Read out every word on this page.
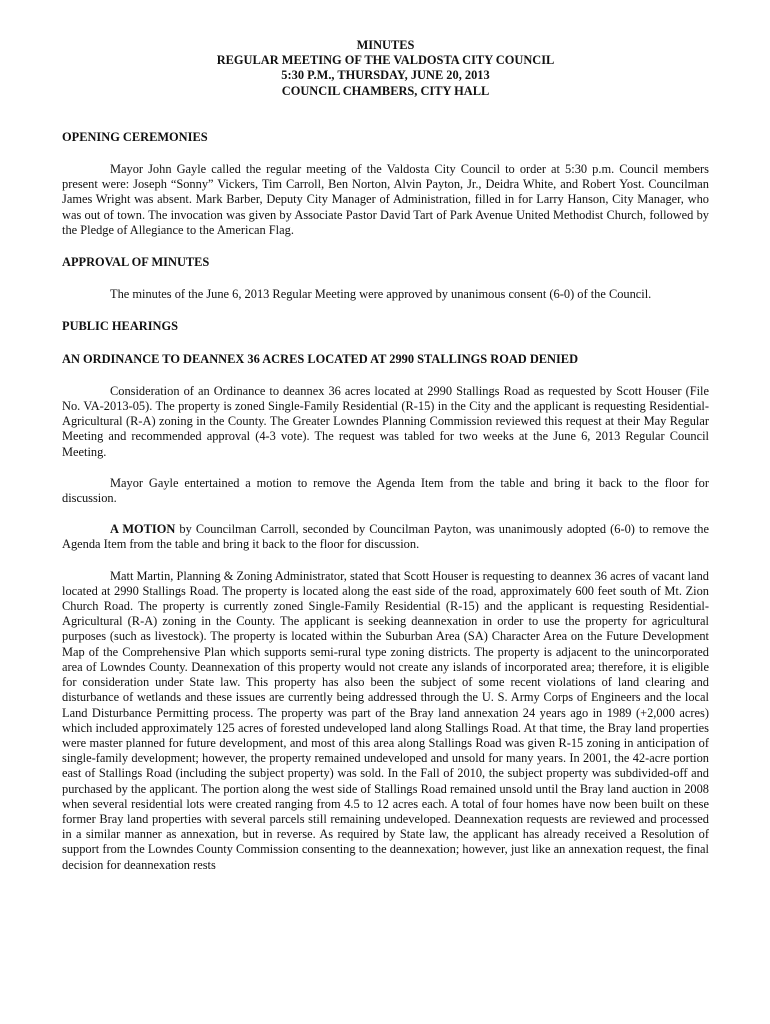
MINUTES
REGULAR MEETING OF THE VALDOSTA CITY COUNCIL
5:30 P.M., THURSDAY, JUNE 20, 2013
COUNCIL CHAMBERS, CITY HALL
OPENING CEREMONIES

Mayor John Gayle called the regular meeting of the Valdosta City Council to order at 5:30 p.m. Council members present were: Joseph “Sonny” Vickers, Tim Carroll, Ben Norton, Alvin Payton, Jr., Deidra White, and Robert Yost. Councilman James Wright was absent. Mark Barber, Deputy City Manager of Administration, filled in for Larry Hanson, City Manager, who was out of town. The invocation was given by Associate Pastor David Tart of Park Avenue United Methodist Church, followed by the Pledge of Allegiance to the American Flag.

APPROVAL OF MINUTES

The minutes of the June 6, 2013 Regular Meeting were approved by unanimous consent (6-0) of the Council.

PUBLIC HEARINGS
AN ORDINANCE TO DEANNEX 36 ACRES LOCATED AT 2990 STALLINGS ROAD DENIED

Consideration of an Ordinance to deannex 36 acres located at 2990 Stallings Road as requested by Scott Houser (File No. VA-2013-05). The property is zoned Single-Family Residential (R-15) in the City and the applicant is requesting Residential-Agricultural (R-A) zoning in the County. The Greater Lowndes Planning Commission reviewed this request at their May Regular Meeting and recommended approval (4-3 vote). The request was tabled for two weeks at the June 6, 2013 Regular Council Meeting.

Mayor Gayle entertained a motion to remove the Agenda Item from the table and bring it back to the floor for discussion.

A MOTION by Councilman Carroll, seconded by Councilman Payton, was unanimously adopted (6-0) to remove the Agenda Item from the table and bring it back to the floor for discussion.

Matt Martin, Planning & Zoning Administrator, stated that Scott Houser is requesting to deannex 36 acres of vacant land located at 2990 Stallings Road. The property is located along the east side of the road, approximately 600 feet south of Mt. Zion Church Road. The property is currently zoned Single-Family Residential (R-15) and the applicant is requesting Residential-Agricultural (R-A) zoning in the County. The applicant is seeking deannexation in order to use the property for agricultural purposes (such as livestock). The property is located within the Suburban Area (SA) Character Area on the Future Development Map of the Comprehensive Plan which supports semi-rural type zoning districts. The property is adjacent to the unincorporated area of Lowndes County. Deannexation of this property would not create any islands of incorporated area; therefore, it is eligible for consideration under State law. This property has also been the subject of some recent violations of land clearing and disturbance of wetlands and these issues are currently being addressed through the U. S. Army Corps of Engineers and the local Land Disturbance Permitting process. The property was part of the Bray land annexation 24 years ago in 1989 (+2,000 acres) which included approximately 125 acres of forested undeveloped land along Stallings Road. At that time, the Bray land properties were master planned for future development, and most of this area along Stallings Road was given R-15 zoning in anticipation of single-family development; however, the property remained undeveloped and unsold for many years. In 2001, the 42-acre portion east of Stallings Road (including the subject property) was sold. In the Fall of 2010, the subject property was subdivided-off and purchased by the applicant. The portion along the west side of Stallings Road remained unsold until the Bray land auction in 2008 when several residential lots were created ranging from 4.5 to 12 acres each. A total of four homes have now been built on these former Bray land properties with several parcels still remaining undeveloped. Deannexation requests are reviewed and processed in a similar manner as annexation, but in reverse. As required by State law, the applicant has already received a Resolution of support from the Lowndes County Commission consenting to the deannexation; however, just like an annexation request, the final decision for deannexation rests
